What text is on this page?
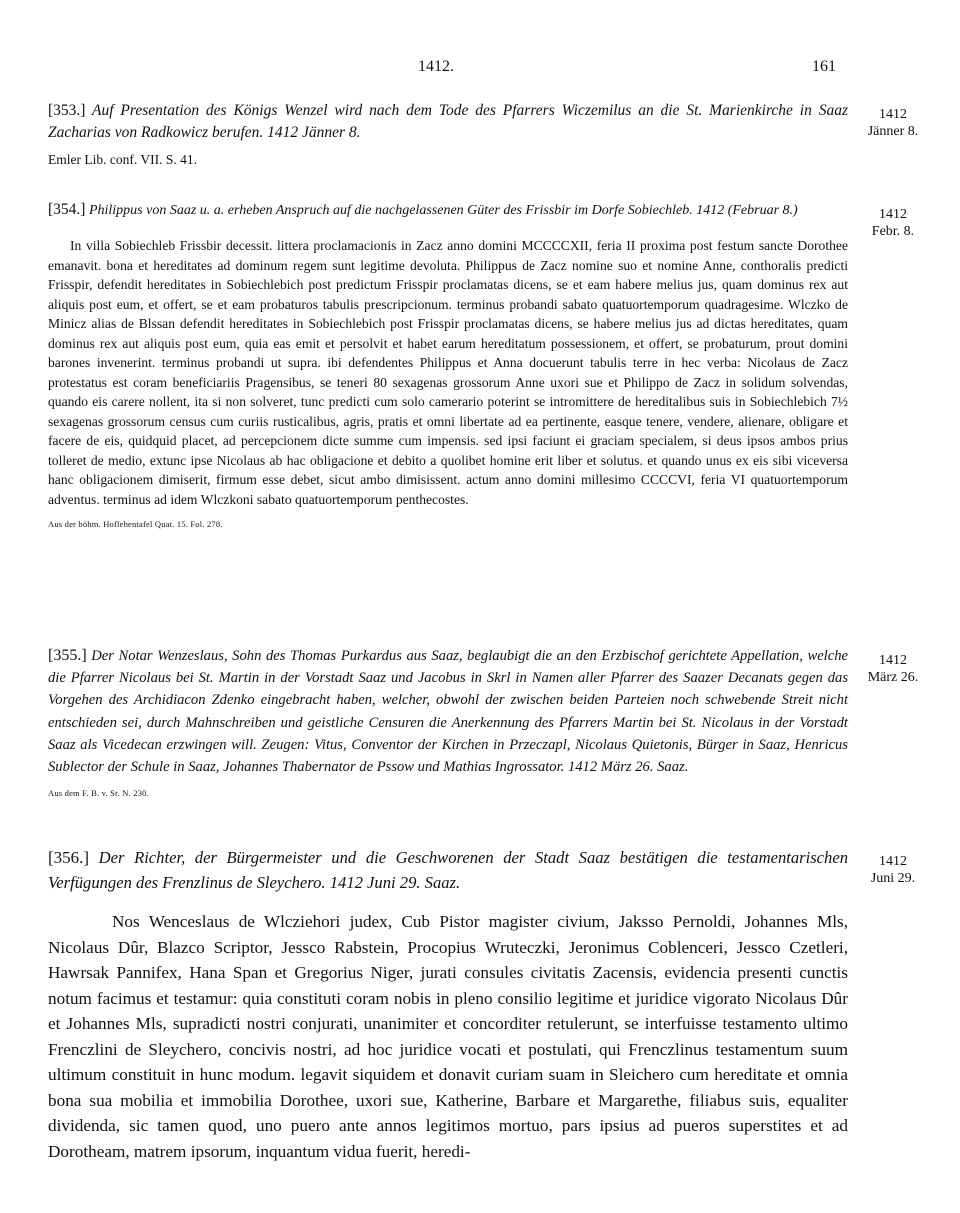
1412.	161
[353.] Auf Presentation des Königs Wenzel wird nach dem Tode des Pfarrers Wiczemilus an die St. Marienkirche in Saaz Zacharias von Radkowicz berufen. 1412 Jänner 8.
Emler Lib. conf. VII. S. 41.
1412
Jänner 8.
[354.] Philippus von Saaz u. a. erheben Anspruch auf die nachgelassenen Güter des Frissbir im Dorfe Sobiechleb. 1412 (Februar 8.)

In villa Sobiechleb Frissbir decessit. littera proclamacionis in Zacz anno domini MCCCCXII, feria II proxima post festum sancte Dorothee emanavit. bona et hereditates ad dominum regem sunt legitime devoluta. Philippus de Zacz nomine suo et nomine Anne, conthoralis predicti Frisspir, defendit hereditates in Sobiechlebich post predictum Frisspir proclamatas dicens, se et eam habere melius jus, quam dominus rex aut aliquis post eum, et offert, se et eam probaturos tabulis prescripcionum. terminus probandi sabato quatuortemporum quadragesime. Wlczko de Minicz alias de Blssan defendit hereditates in Sobiechlebich post Frisspir proclamatas dicens, se habere melius jus ad dictas hereditates, quam dominus rex aut aliquis post eum, quia eas emit et persolvit et habet earum hereditatum possessionem, et offert, se probaturum, prout domini barones invenerint. terminus probandi ut supra. ibi defendentes Philippus et Anna docuerunt tabulis terre in hec verba: Nicolaus de Zacz protestatus est coram beneficiariis Pragensibus, se teneri 80 sexagenas grossorum Anne uxori sue et Philippo de Zacz in solidum solvendas, quando eis carere nollent, ita si non solveret, tunc predicti cum solo camerario poterint se intromittere de hereditalibus suis in Sobiechlebich 7½ sexagenas grossorum census cum curiis rusticalibus, agris, pratis et omni libertate ad ea pertinente, easque tenere, vendere, alienare, obligare et facere de eis, quidquid placet, ad percepcionem dicte summe cum impensis. sed ipsi faciunt ei graciam specialem, si deus ipsos ambos prius tolleret de medio, extunc ipse Nicolaus ab hac obligacione et debito a quolibet homine erit liber et solutus. et quando unus ex eis sibi viceversa hanc obligacionem dimiserit, firmum esse debet, sicut ambo dimisissent. actum anno domini millesimo CCCCVI, feria VI quatuortemporum adventus. terminus ad idem Wlczkoni sabato quatuortemporum penthecostes.

Aus der böhm. Hoflehentafel Quat. 15. Fol. 278.
1412
Febr. 8.
[355.] Der Notar Wenzeslaus, Sohn des Thomas Purkardus aus Saaz, beglaubigt die an den Erzbischof gerichtete Appellation, welche die Pfarrer Nicolaus bei St. Martin in der Vorstadt Saaz und Jacobus in Skrl in Namen aller Pfarrer des Saazer Decanats gegen das Vorgehen des Archidiacon Zdenko eingebracht haben, welcher, obwohl der zwischen beiden Parteien noch schwebende Streit nicht entschieden sei, durch Mahnschreiben und geistliche Censuren die Anerkennung des Pfarrers Martin bei St. Nicolaus in der Vorstadt Saaz als Vicedecan erzwingen will. Zeugen: Vitus, Conventor der Kirchen in Przeczapl, Nicolaus Quietonis, Bürger in Saaz, Henricus Sublector der Schule in Saaz, Johannes Thabernator de Pssow und Mathias Ingrossator. 1412 März 26. Saaz.
Aus dem F. B. v. St. N. 230.
1412
März 26.
[356.] Der Richter, der Bürgermeister und die Geschworenen der Stadt Saaz bestätigen die testamentarischen Verfügungen des Frenzlinus de Sleychero. 1412 Juni 29. Saaz.

Nos Wenceslaus de Wlcziehori judex, Cub Pistor magister civium, Jaksso Pernoldi, Johannes Mls, Nicolaus Dûr, Blazco Scriptor, Jessco Rabstein, Procopius Wruteczki, Jeronimus Coblenceri, Jessco Czetleri, Hawrsak Pannifex, Hana Span et Gregorius Niger, jurati consules civitatis Zacensis, evidencia presenti cunctis notum facimus et testamur: quia constituti coram nobis in pleno consilio legitime et juridice vigorato Nicolaus Dûr et Johannes Mls, supradicti nostri conjurati, unanimiter et concorditer retulerunt, se interfuisse testamento ultimo Frenczlini de Sleychero, concivis nostri, ad hoc juridice vocati et postulati, qui Frenczlinus testamentum suum ultimum constituit in hunc modum. legavit siquidem et donavit curiam suam in Sleichero cum hereditate et omnia bona sua mobilia et immobilia Dorothee, uxori sue, Katherine, Barbare et Margarethe, filiabus suis, equaliter dividenda, sic tamen quod, uno puero ante annos legitimos mortuo, pars ipsius ad pueros superstites et ad Dorotheam, matrem ipsorum, inquantum vidua fuerit, heredi-

1412
Juni 29.
